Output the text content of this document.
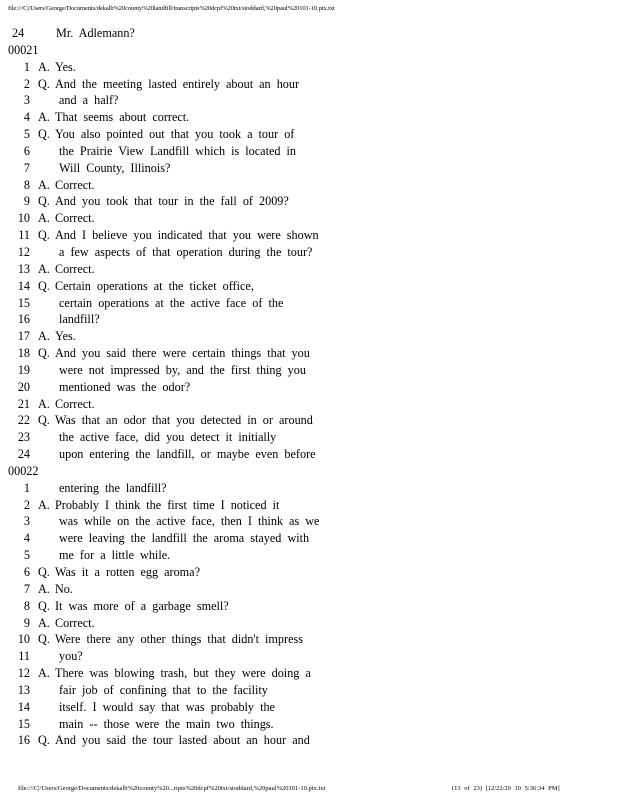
file:///C|/Users/George/Documents/dekalb%20county%20landfill/transcripts%20dcpf%20txt/stoddard,%20paul%20101-10.ptx.txt
24	Mr. Adlemann?
00021
1 A. Yes.
2 Q. And the meeting lasted entirely about an hour
3 and a half?
4 A. That seems about correct.
5 Q. You also pointed out that you took a tour of
6 the Prairie View Landfill which is located in
7 Will County, Illinois?
8 A. Correct.
9 Q. And you took that tour in the fall of 2009?
10 A. Correct.
11 Q. And I believe you indicated that you were shown
12 a few aspects of that operation during the tour?
13 A. Correct.
14 Q. Certain operations at the ticket office,
15 certain operations at the active face of the
16 landfill?
17 A. Yes.
18 Q. And you said there were certain things that you
19 were not impressed by, and the first thing you
20 mentioned was the odor?
21 A. Correct.
22 Q. Was that an odor that you detected in or around
23 the active face, did you detect it initially
24 upon entering the landfill, or maybe even before
00022
1 entering the landfill?
2 A. Probably I think the first time I noticed it
3 was while on the active face, then I think as we
4 were leaving the landfill the aroma stayed with
5 me for a little while.
6 Q. Was it a rotten egg aroma?
7 A. No.
8 Q. It was more of a garbage smell?
9 A. Correct.
10 Q. Were there any other things that didn't impress
11 you?
12 A. There was blowing trash, but they were doing a
13 fair job of confining that to the facility
14 itself. I would say that was probably the
15 main -- those were the main two things.
16 Q. And you said the tour lasted about an hour and
file:///C|/Users/George/Documents/dekalb%20county%20...ripts%20dcpf%20txt/stoddard,%20paul%20101-10.ptx.txt	(13 of 23) [12/22/20 10 5:36:34 PM]
